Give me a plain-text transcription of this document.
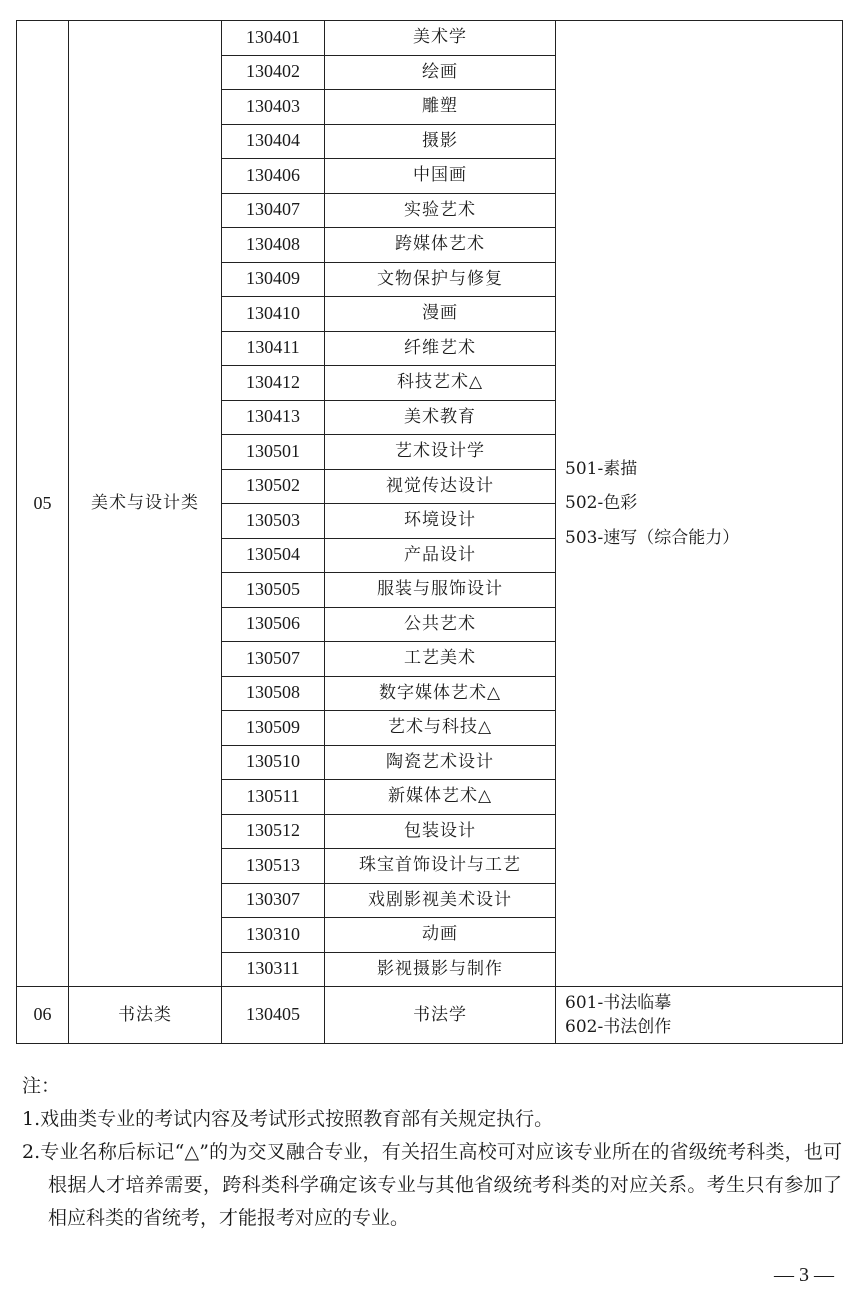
05	美术与设计类	130401	美术学	501-素描
502-色彩
503-速写（综合能力）

		130402	绘画	
		130403	雕塑	
		130404	摄影	
		130406	中国画	
		130407	实验艺术	
		130408	跨媒体艺术	
		130409	文物保护与修复	
		130410	漫画	
		130411	纤维艺术	
		130412	科技艺术△	
		130413	美术教育	
		130501	艺术设计学	
		130502	视觉传达设计	
		130503	环境设计	
		130504	产品设计	
		130505	服装与服饰设计	
		130506	公共艺术	
		130507	工艺美术	
		130508	数字媒体艺术△	
		130509	艺术与科技△	
		130510	陶瓷艺术设计	
		130511	新媒体艺术△	
		130512	包装设计	
		130513	珠宝首饰设计与工艺	
		130307	戏剧影视美术设计	
		130310	动画	
		130311	影视摄影与制作	
06	书法类	130405	书法学	601-书法临摹
602-书法创作
注：
1.戏曲类专业的考试内容及考试形式按照教育部有关规定执行。
2.专业名称后标记“△”的为交叉融合专业，有关招生高校可对应该专业所在的省级统考科类，也可根据人才培养需要，跨科类科学确定该专业与其他省级统考科类的对应关系。考生只有参加了相应科类的省统考，才能报考对应的专业。
— 3 —
